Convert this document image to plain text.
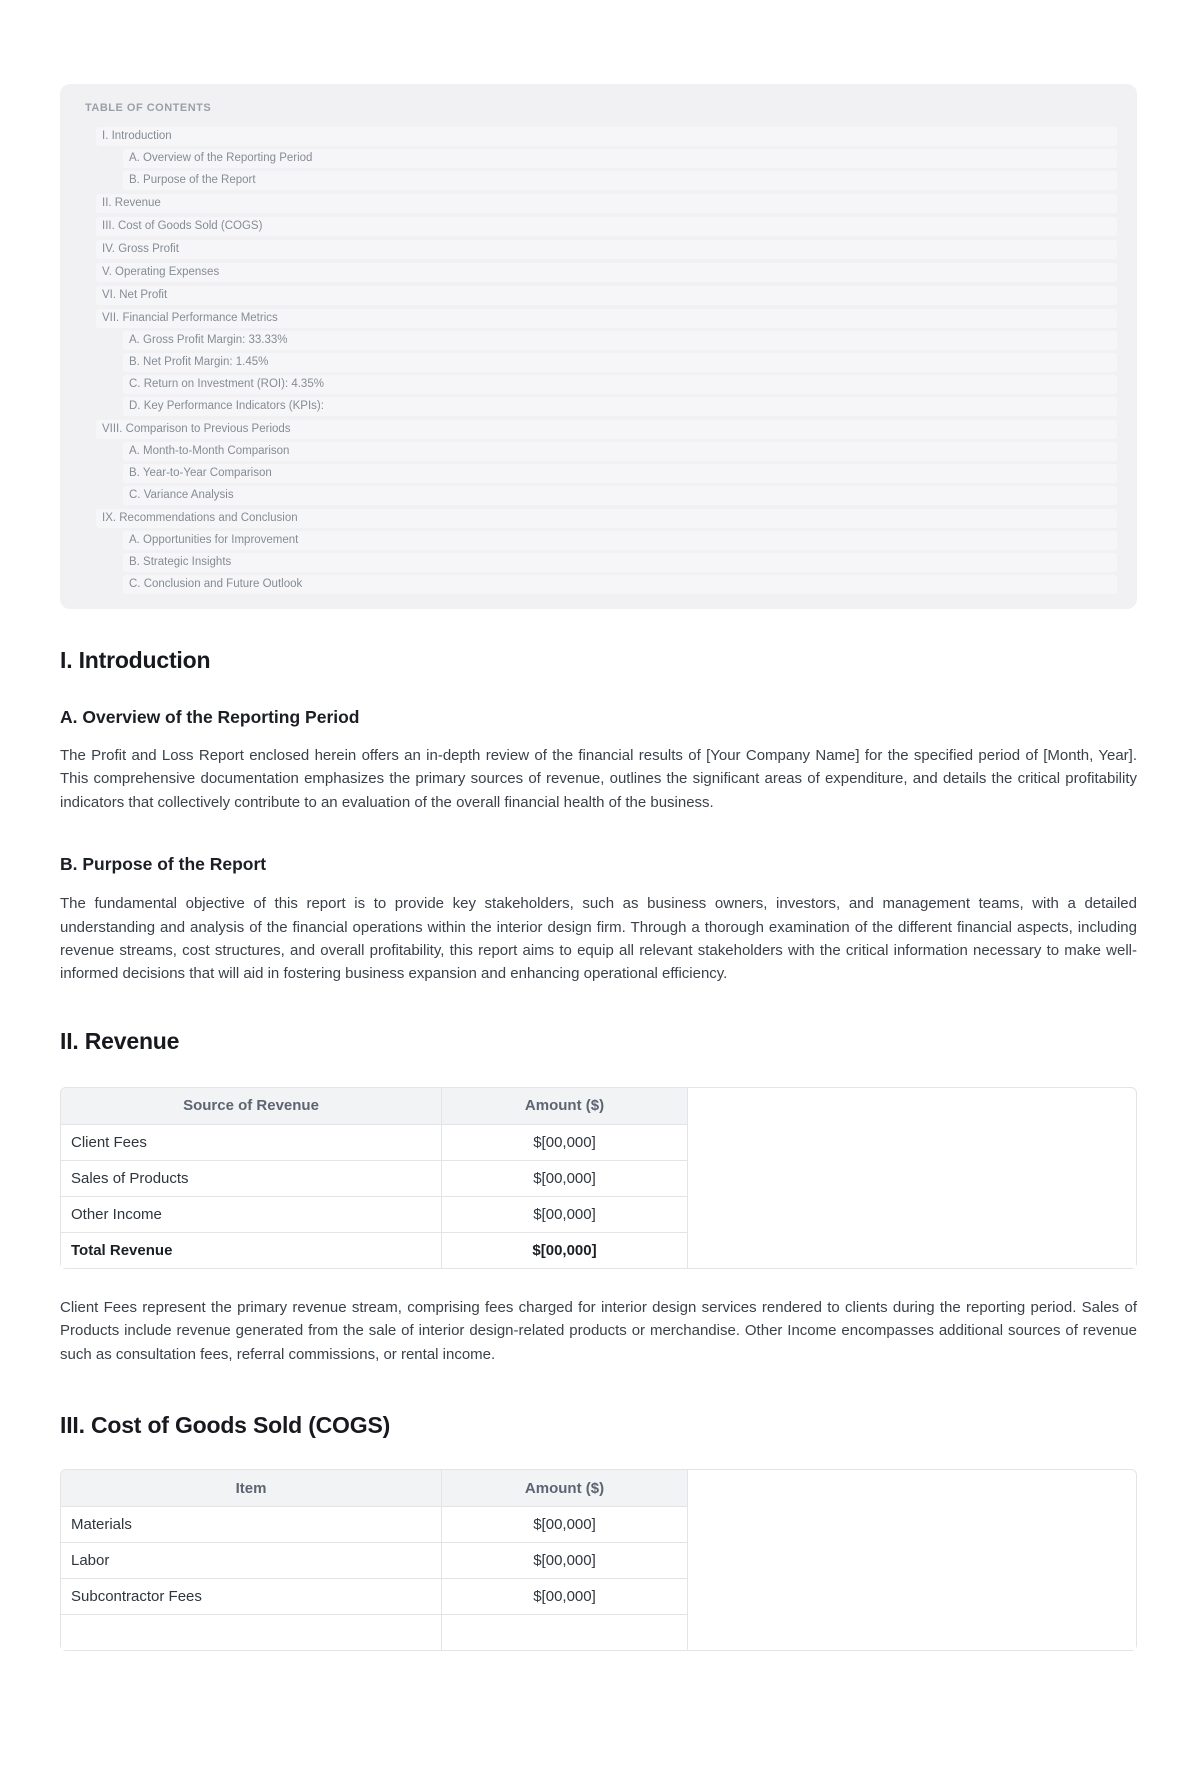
TABLE OF CONTENTS
I. Introduction
A. Overview of the Reporting Period
B. Purpose of the Report
II. Revenue
III. Cost of Goods Sold (COGS)
IV. Gross Profit
V. Operating Expenses
VI. Net Profit
VII. Financial Performance Metrics
A. Gross Profit Margin: 33.33%
B. Net Profit Margin: 1.45%
C. Return on Investment (ROI): 4.35%
D. Key Performance Indicators (KPIs):
VIII. Comparison to Previous Periods
A. Month-to-Month Comparison
B. Year-to-Year Comparison
C. Variance Analysis
IX. Recommendations and Conclusion
A. Opportunities for Improvement
B. Strategic Insights
C. Conclusion and Future Outlook
I. Introduction
A. Overview of the Reporting Period

The Profit and Loss Report enclosed herein offers an in-depth review of the financial results of [Your Company Name] for the specified period of [Month, Year]. This comprehensive documentation emphasizes the primary sources of revenue, outlines the significant areas of expenditure, and details the critical profitability indicators that collectively contribute to an evaluation of the overall financial health of the business.

B. Purpose of the Report

The fundamental objective of this report is to provide key stakeholders, such as business owners, investors, and management teams, with a detailed understanding and analysis of the financial operations within the interior design firm. Through a thorough examination of the different financial aspects, including revenue streams, cost structures, and overall profitability, this report aims to equip all relevant stakeholders with the critical information necessary to make well-informed decisions that will aid in fostering business expansion and enhancing operational efficiency.

II. Revenue
Source of Revenue	Amount ($)	
Client Fees	$[00,000]	
Sales of Products	$[00,000]	
Other Income	$[00,000]	
Total Revenue	$[00,000]	

Client Fees represent the primary revenue stream, comprising fees charged for interior design services rendered to clients during the reporting period. Sales of Products include revenue generated from the sale of interior design-related products or merchandise. Other Income encompasses additional sources of revenue such as consultation fees, referral commissions, or rental income.

III. Cost of Goods Sold (COGS)
Item	Amount ($)	
Materials	$[00,000]	
Labor	$[00,000]	
Subcontractor Fees	$[00,000]	
